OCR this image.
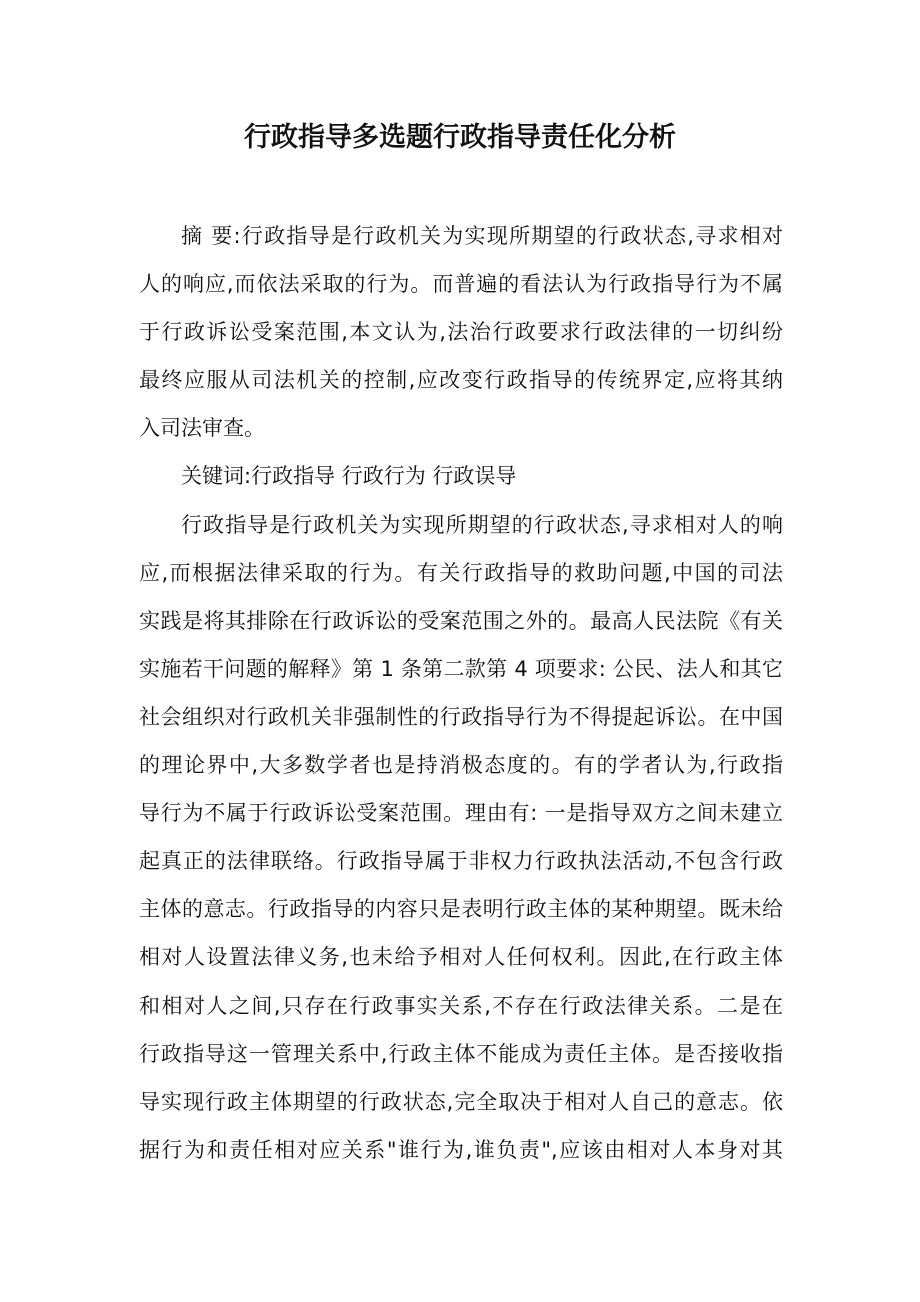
行政指导多选题行政指导责任化分析
摘 要:行政指导是行政机关为实现所期望的行政状态,寻求相对
人的响应,而依法采取的行为。而普遍的看法认为行政指导行为不属
于行政诉讼受案范围,本文认为,法治行政要求行政法律的一切纠纷
最终应服从司法机关的控制,应改变行政指导的传统界定,应将其纳
入司法审查。
关键词:行政指导 行政行为 行政误导
行政指导是行政机关为实现所期望的行政状态,寻求相对人的响
应,而根据法律采取的行为。有关行政指导的救助问题,中国的司法
实践是将其排除在行政诉讼的受案范围之外的。最高人民法院《有关
实施若干问题的解释》第 1 条第二款第 4 项要求: 公民、法人和其它
社会组织对行政机关非强制性的行政指导行为不得提起诉讼。在中国
的理论界中,大多数学者也是持消极态度的。有的学者认为,行政指
导行为不属于行政诉讼受案范围。理由有: 一是指导双方之间未建立
起真正的法律联络。行政指导属于非权力行政执法活动,不包含行政
主体的意志。行政指导的内容只是表明行政主体的某种期望。既未给
相对人设置法律义务,也未给予相对人任何权利。因此,在行政主体
和相对人之间,只存在行政事实关系,不存在行政法律关系。二是在
行政指导这一管理关系中,行政主体不能成为责任主体。是否接收指
导实现行政主体期望的行政状态,完全取决于相对人自己的意志。依
据行为和责任相对应关系"谁行为,谁负责",应该由相对人本身对其
